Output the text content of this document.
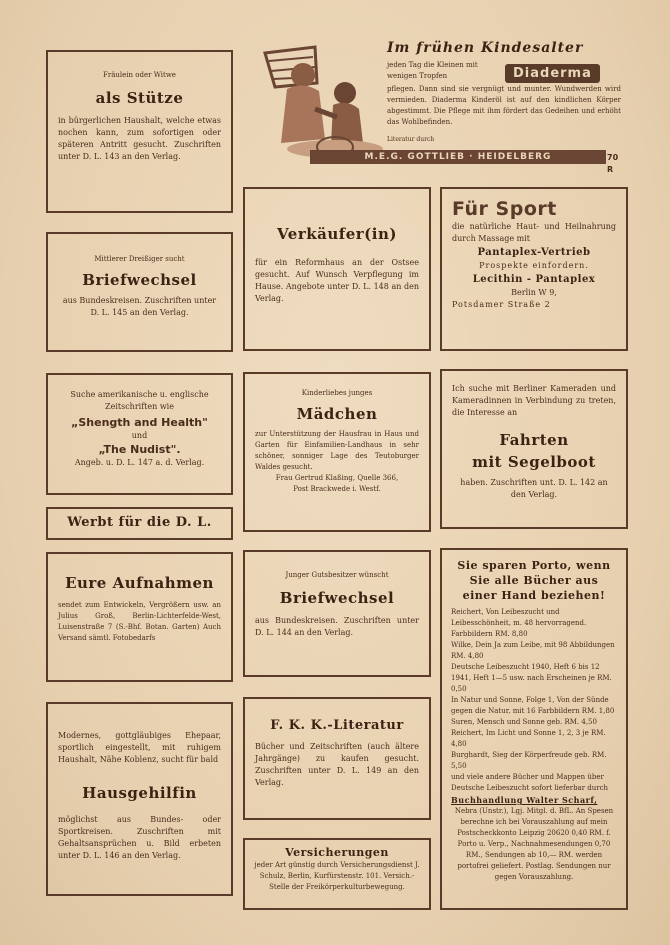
Fräulein oder Witwe
als Stütze
in bürgerlichen Haushalt, welche etwas nochen kann, zum sofortigen oder späteren Antritt gesucht. Zuschriften unter D. L. 143 an den Verlag.
Im frühen Kindesalter
jeden Tag die Kleinen mit wenigen Tropfen	Diaderma
pflegen. Dann sind sie vergnügt und munter. Wundwerden wird vermieden. Diaderma Kinderöl ist auf den kindlichen Körper abgestimmt. Die Pflege mit ihm fördert das Gedeihen und erhöht das Wohlbefinden.
Literatur durch
M.E.G. GOTTLIEB · HEIDELBERG	70 R
Mittlerer Dreißiger sucht
Briefwechsel
aus Bundeskreisen. Zuschriften unter D. L. 145 an den Verlag.
Verkäufer(in)
für ein Reformhaus an der Ostsee gesucht. Auf Wunsch Verpflegung im Hause. Angebote unter D. L. 148 an den Verlag.
Für Sport
die natürliche Haut- und Heilnahrung durch Massage mit
Pantaplex-Vertrieb
Prospekte einfordern.
Lecithin - Pantaplex
Berlin W 9,
Potsdamer Straße 2
Suche amerikanische u. englische Zeitschriften wie
„Shength and Health"
und
„The Nudist".
Angeb. u. D. L. 147 a. d. Verlag.
Kinderliebes junges
Mädchen
zur Unterstützung der Hausfrau in Haus und Garten für Einfamilien-Landhaus in sehr schöner, sonniger Lage des Teutoburger Waldes gesucht.
Frau Gertrud Klaßing, Quelle 366,
Post Brackwede i. Westf.
Ich suche mit Berliner Kameraden und Kameradinnen in Verbindung zu treten, die Interesse an
Fahrten
mit Segelboot
haben. Zuschriften unt. D. L. 142 an den Verlag.
Werbt für die D. L.
Eure Aufnahmen
sendet zum Entwickeln, Vergrößern usw. an Julius Groß, Berlin-Lichterfelde-West, Luisenstraße 7 (S.-Bhf. Botan. Garten) Auch Versand sämtl. Fotobedarfs
Junger Gutsbesitzer wünscht
Briefwechsel
aus Bundeskreisen. Zuschriften unter D. L. 144 an den Verlag.
Sie sparen Porto, wenn Sie alle Bücher aus einer Hand beziehen!
Reichert, Von Leibeszucht und Leibesschönheit, m. 48 hervorragend. Farbbildern RM. 8,80
Wilke, Dein Ja zum Leibe, mit 98 Abbildungen RM. 4,80
Deutsche Leibeszucht 1940, Heft 6 bis 12 1941, Heft 1—5 usw. nach Erscheinen je RM. 0,50
In Natur und Sonne, Folge 1, Von der Sünde gegen die Natur, mit 16 Farbbildern RM. 1,80
Suren, Mensch und Sonne geb. RM. 4,50
Reichert, Im Licht und Sonne 1, 2, 3 je RM. 4,80
Burghardt, Sieg der Körperfreude geb. RM. 5,50
und viele andere Bücher und Mappen über Deutsche Leibeszucht sofort lieferbar durch
Buchhandlung Walter Scharf,
Nebra (Unstr.), Lgj. Mitgl. d. BfL. An Spesen berechne ich bei Vorauszahlung auf mein Postscheckkonto Leipzig 20620 0,40 RM. f. Porto u. Verp., Nachnahmesendungen 0,70 RM., Sendungen ab 10,— RM. werden portofrei geliefert. Postlag. Sendungen nur gegen Vorauszahlung.
Modernes, gottgläubiges Ehepaar, sportlich eingestellt, mit ruhigem Haushalt, Nähe Koblenz, sucht für bald
Hausgehilfin
möglichst aus Bundes- oder Sportkreisen. Zuschriften mit Gehaltsansprüchen u. Bild erbeten unter D. L. 146 an den Verlag.
F. K. K.-Literatur
Bücher und Zeitschriften (auch ältere Jahrgänge) zu kaufen gesucht. Zuschriften unter D. L. 149 an den Verlag.
Versicherungen
jeder Art günstig durch Versicherungsdienst J. Schulz, Berlin, Kurfürstenstr. 101. Versich.-Stelle der Freikörperkulturbewegung.
